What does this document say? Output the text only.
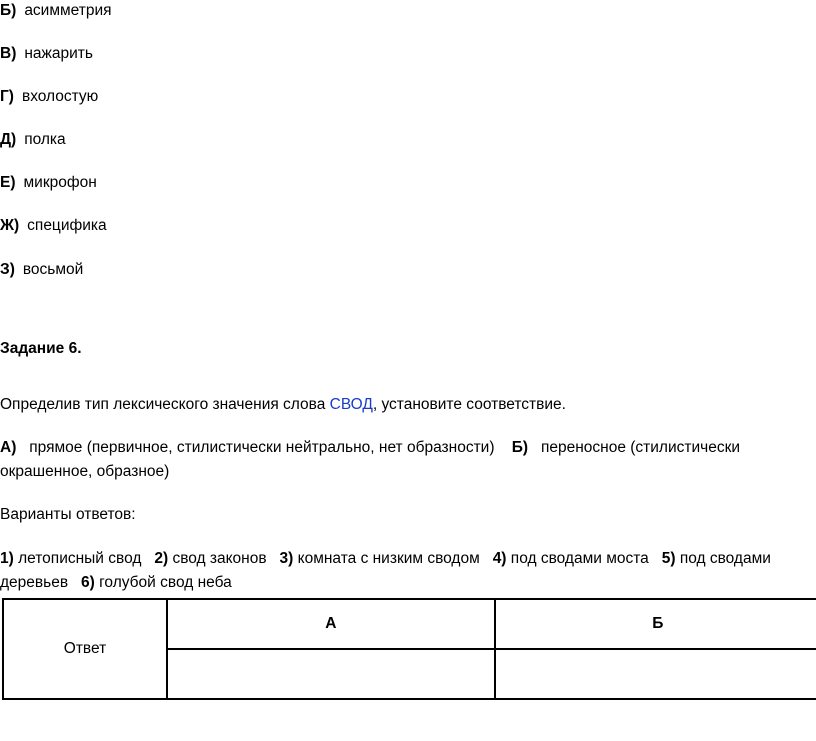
Б) асимметрия
В) нажарить
Г) вхолостую
Д) полка
Е) микрофон
Ж) специфика
З) восьмой
Задание 6.
Определив тип лексического значения слова СВОД, установите соответствие.
А) прямое (первичное, стилистически нейтрально, нет образности) Б) переносное (стилистически окрашенное, образное)
Варианты ответов:
1) летописный свод 2) свод законов 3) комната с низким сводом 4) под сводами моста 5) под сводами деревьев 6) голубой свод неба
Ответ	А	Б
